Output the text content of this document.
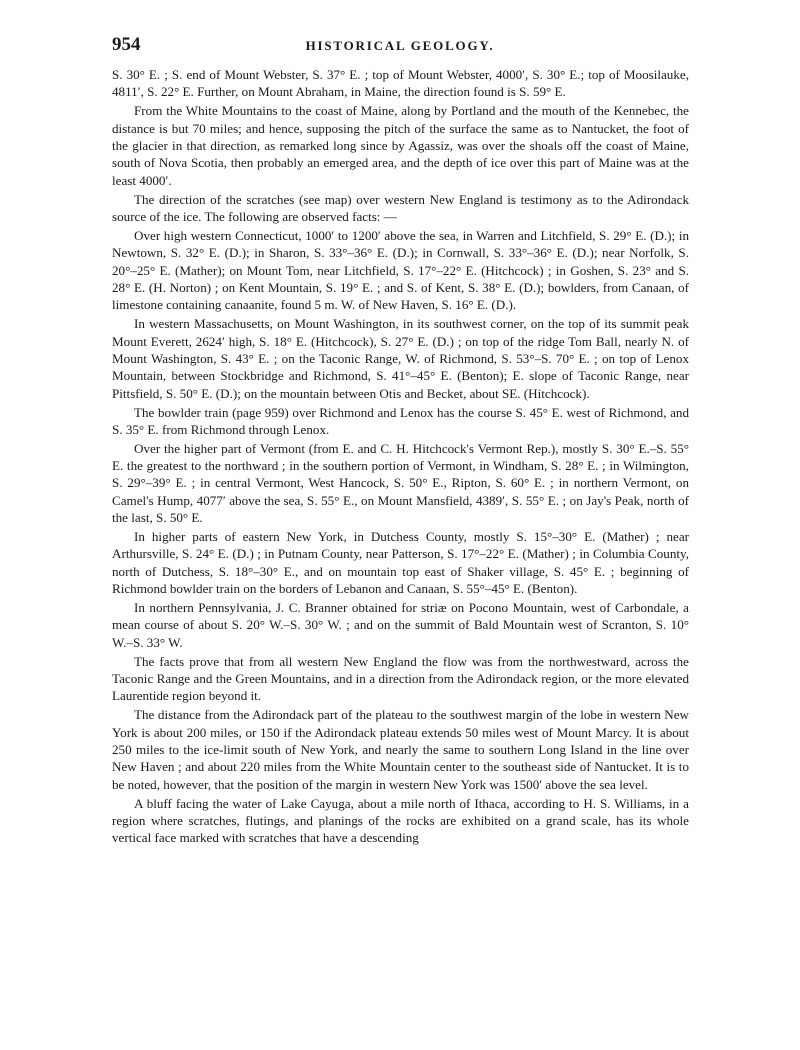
954	HISTORICAL GEOLOGY.

S. 30° E. ; S. end of Mount Webster, S. 37° E. ; top of Mount Webster, 4000′, S. 30° E.; top of Moosilauke, 4811′, S. 22° E. Further, on Mount Abraham, in Maine, the direction found is S. 59° E.

From the White Mountains to the coast of Maine, along by Portland and the mouth of the Kennebec, the distance is but 70 miles; and hence, supposing the pitch of the surface the same as to Nantucket, the foot of the glacier in that direction, as remarked long since by Agassiz, was over the shoals off the coast of Maine, south of Nova Scotia, then probably an emerged area, and the depth of ice over this part of Maine was at the least 4000′.

The direction of the scratches (see map) over western New England is testimony as to the Adirondack source of the ice. The following are observed facts: —

Over high western Connecticut, 1000′ to 1200′ above the sea, in Warren and Litchfield, S. 29° E. (D.); in Newtown, S. 32° E. (D.); in Sharon, S. 33°–36° E. (D.); in Cornwall, S. 33°–36° E. (D.); near Norfolk, S. 20°–25° E. (Mather); on Mount Tom, near Litchfield, S. 17°–22° E. (Hitchcock) ; in Goshen, S. 23° and S. 28° E. (H. Norton) ; on Kent Mountain, S. 19° E. ; and S. of Kent, S. 38° E. (D.); bowlders, from Canaan, of limestone containing canaanite, found 5 m. W. of New Haven, S. 16° E. (D.).

In western Massachusetts, on Mount Washington, in its southwest corner, on the top of its summit peak Mount Everett, 2624′ high, S. 18° E. (Hitchcock), S. 27° E. (D.) ; on top of the ridge Tom Ball, nearly N. of Mount Washington, S. 43° E. ; on the Taconic Range, W. of Richmond, S. 53°–S. 70° E. ; on top of Lenox Mountain, between Stockbridge and Richmond, S. 41°–45° E. (Benton); E. slope of Taconic Range, near Pittsfield, S. 50° E. (D.); on the mountain between Otis and Becket, about SE. (Hitchcock).

The bowlder train (page 959) over Richmond and Lenox has the course S. 45° E. west of Richmond, and S. 35° E. from Richmond through Lenox.

Over the higher part of Vermont (from E. and C. H. Hitchcock's Vermont Rep.), mostly S. 30° E.–S. 55° E. the greatest to the northward ; in the southern portion of Vermont, in Windham, S. 28° E. ; in Wilmington, S. 29°–39° E. ; in central Vermont, West Hancock, S. 50° E., Ripton, S. 60° E. ; in northern Vermont, on Camel's Hump, 4077′ above the sea, S. 55° E., on Mount Mansfield, 4389′, S. 55° E. ; on Jay's Peak, north of the last, S. 50° E.

In higher parts of eastern New York, in Dutchess County, mostly S. 15°–30° E. (Mather) ; near Arthursville, S. 24° E. (D.) ; in Putnam County, near Patterson, S. 17°–22° E. (Mather) ; in Columbia County, north of Dutchess, S. 18°–30° E., and on mountain top east of Shaker village, S. 45° E. ; beginning of Richmond bowlder train on the borders of Lebanon and Canaan, S. 55°–45° E. (Benton).

In northern Pennsylvania, J. C. Branner obtained for striæ on Pocono Mountain, west of Carbondale, a mean course of about S. 20° W.–S. 30° W. ; and on the summit of Bald Mountain west of Scranton, S. 10° W.–S. 33° W.

The facts prove that from all western New England the flow was from the northwestward, across the Taconic Range and the Green Mountains, and in a direction from the Adirondack region, or the more elevated Laurentide region beyond it.

The distance from the Adirondack part of the plateau to the southwest margin of the lobe in western New York is about 200 miles, or 150 if the Adirondack plateau extends 50 miles west of Mount Marcy. It is about 250 miles to the ice-limit south of New York, and nearly the same to southern Long Island in the line over New Haven ; and about 220 miles from the White Mountain center to the southeast side of Nantucket. It is to be noted, however, that the position of the margin in western New York was 1500′ above the sea level.

A bluff facing the water of Lake Cayuga, about a mile north of Ithaca, according to H. S. Williams, in a region where scratches, flutings, and planings of the rocks are exhibited on a grand scale, has its whole vertical face marked with scratches that have a descending
